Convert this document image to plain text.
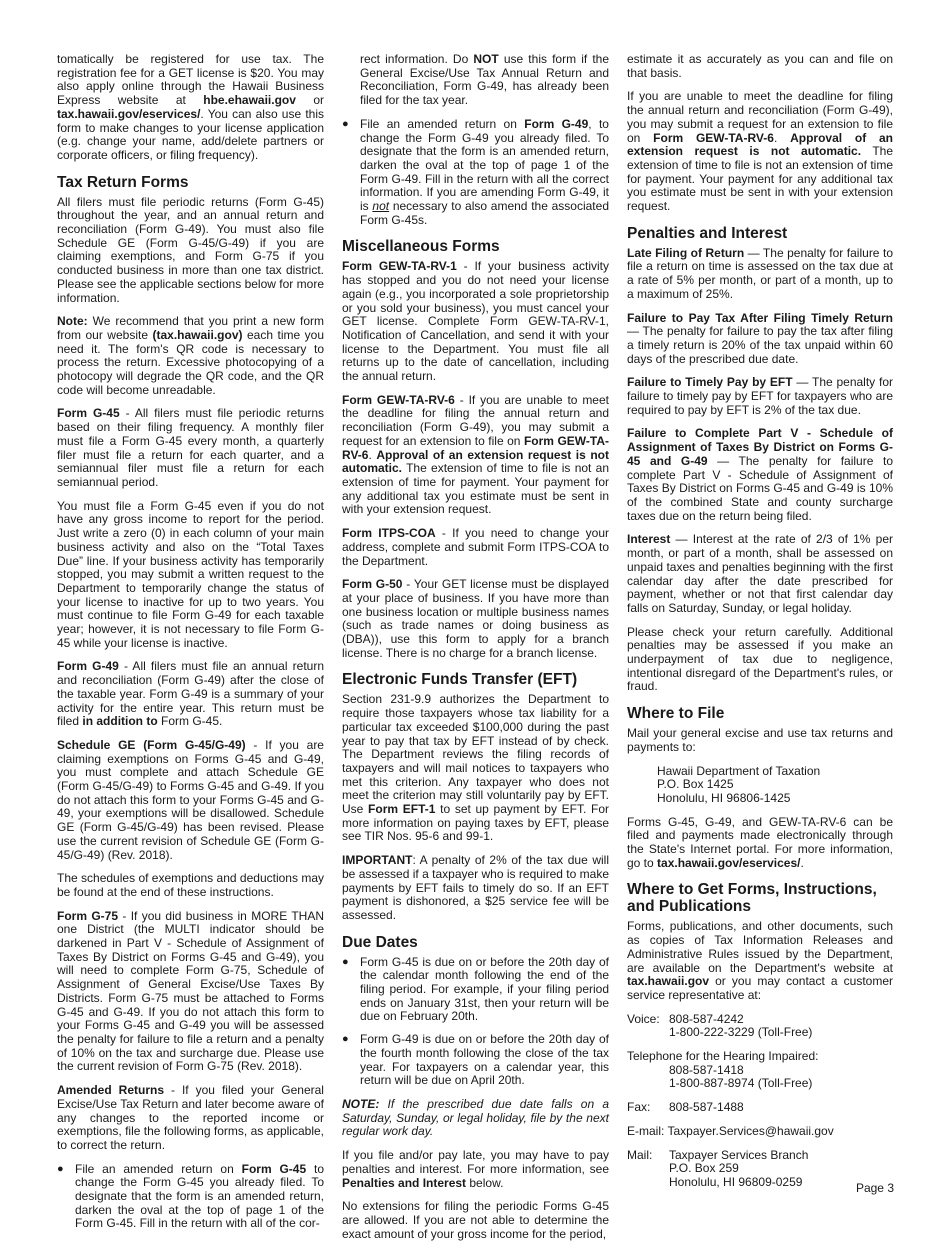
tomatically be registered for use tax. The registration fee for a GET license is $20. You may also apply online through the Hawaii Business Express website at hbe.ehawaii.gov or tax.hawaii.gov/eservices/. You can also use this form to make changes to your license application (e.g. change your name, add/delete partners or corporate officers, or filing frequency).

Tax Return Forms

All filers must file periodic returns (Form G-45) throughout the year, and an annual return and reconciliation (Form G-49). You must also file Schedule GE (Form G-45/G-49) if you are claiming exemptions, and Form G-75 if you conducted business in more than one tax district. Please see the applicable sections below for more information.

Note: We recommend that you print a new form from our website (tax.hawaii.gov) each time you need it. The form's QR code is necessary to process the return. Excessive photocopying of a photocopy will degrade the QR code, and the QR code will become unreadable.

Form G-45 - All filers must file periodic returns based on their filing frequency. A monthly filer must file a Form G-45 every month, a quarterly filer must file a return for each quarter, and a semiannual filer must file a return for each semiannual period.

You must file a Form G-45 even if you do not have any gross income to report for the period. Just write a zero (0) in each column of your main business activity and also on the “Total Taxes Due” line. If your business activity has temporarily stopped, you may submit a written request to the Department to temporarily change the status of your license to inactive for up to two years. You must continue to file Form G-49 for each taxable year; however, it is not necessary to file Form G-45 while your license is inactive.

Form G-49 - All filers must file an annual return and reconciliation (Form G-49) after the close of the taxable year. Form G-49 is a summary of your activity for the entire year. This return must be filed in addition to Form G-45.

Schedule GE (Form G-45/G-49) - If you are claiming exemptions on Forms G-45 and G-49, you must complete and attach Schedule GE (Form G-45/G-49) to Forms G-45 and G-49. If you do not attach this form to your Forms G-45 and G-49, your exemptions will be disallowed. Schedule GE (Form G-45/G-49) has been revised. Please use the current revision of Schedule GE (Form G-45/G-49) (Rev. 2018).

The schedules of exemptions and deductions may be found at the end of these instructions.

Form G-75 - If you did business in MORE THAN one District (the MULTI indicator should be darkened in Part V - Schedule of Assignment of Taxes By District on Forms G-45 and G-49), you will need to complete Form G-75, Schedule of Assignment of General Excise/Use Taxes By Districts. Form G-75 must be attached to Forms G-45 and G-49. If you do not attach this form to your Forms G-45 and G-49 you will be assessed the penalty for failure to file a return and a penalty of 10% on the tax and surcharge due. Please use the current revision of Form G-75 (Rev. 2018).

Amended Returns - If you filed your General Excise/Use Tax Return and later become aware of any changes to the reported income or exemptions, file the following forms, as applicable, to correct the return.

● File an amended return on Form G-45 to change the Form G-45 you already filed. To designate that the form is an amended return, darken the oval at the top of page 1 of the Form G-45. Fill in the return with all of the cor-

rect information. Do NOT use this form if the General Excise/Use Tax Annual Return and Reconciliation, Form G-49, has already been filed for the tax year.

● File an amended return on Form G-49, to change the Form G-49 you already filed. To designate that the form is an amended return, darken the oval at the top of page 1 of the Form G-49. Fill in the return with all the correct information. If you are amending Form G-49, it is not necessary to also amend the associated Form G-45s.
Miscellaneous Forms

Form GEW-TA-RV-1 - If your business activity has stopped and you do not need your license again (e.g., you incorporated a sole proprietorship or you sold your business), you must cancel your GET license. Complete Form GEW-TA-RV-1, Notification of Cancellation, and send it with your license to the Department. You must file all returns up to the date of cancellation, including the annual return.

Form GEW-TA-RV-6 - If you are unable to meet the deadline for filing the annual return and reconciliation (Form G-49), you may submit a request for an extension to file on Form GEW-TA-RV-6. Approval of an extension request is not automatic. The extension of time to file is not an extension of time for payment. Your payment for any additional tax you estimate must be sent in with your extension request.

Form ITPS-COA - If you need to change your address, complete and submit Form ITPS-COA to the Department.

Form G-50 - Your GET license must be displayed at your place of business. If you have more than one business location or multiple business names (such as trade names or doing business as (DBA)), use this form to apply for a branch license. There is no charge for a branch license.

Electronic Funds Transfer (EFT)

Section 231-9.9 authorizes the Department to require those taxpayers whose tax liability for a particular tax exceeded $100,000 during the past year to pay that tax by EFT instead of by check. The Department reviews the filing records of taxpayers and will mail notices to taxpayers who met this criterion. Any taxpayer who does not meet the criterion may still voluntarily pay by EFT. Use Form EFT-1 to set up payment by EFT. For more information on paying taxes by EFT, please see TIR Nos. 95-6 and 99-1.

IMPORTANT: A penalty of 2% of the tax due will be assessed if a taxpayer who is required to make payments by EFT fails to timely do so. If an EFT payment is dishonored, a $25 service fee will be assessed.

Due Dates
● Form G-45 is due on or before the 20th day of the calendar month following the end of the filing period. For example, if your filing period ends on January 31st, then your return will be due on February 20th.
● Form G-49 is due on or before the 20th day of the fourth month following the close of the tax year. For taxpayers on a calendar year, this return will be due on April 20th.

NOTE: If the prescribed due date falls on a Saturday, Sunday, or legal holiday, file by the next regular work day.

If you file and/or pay late, you may have to pay penalties and interest. For more information, see Penalties and Interest below.

No extensions for filing the periodic Forms G-45 are allowed. If you are not able to determine the exact amount of your gross income for the period,

estimate it as accurately as you can and file on that basis.

If you are unable to meet the deadline for filing the annual return and reconciliation (Form G-49), you may submit a request for an extension to file on Form GEW-TA-RV-6. Approval of an extension request is not automatic. The extension of time to file is not an extension of time for payment. Your payment for any additional tax you estimate must be sent in with your extension request.

Penalties and Interest

Late Filing of Return — The penalty for failure to file a return on time is assessed on the tax due at a rate of 5% per month, or part of a month, up to a maximum of 25%.

Failure to Pay Tax After Filing Timely Return — The penalty for failure to pay the tax after filing a timely return is 20% of the tax unpaid within 60 days of the prescribed due date.

Failure to Timely Pay by EFT — The penalty for failure to timely pay by EFT for taxpayers who are required to pay by EFT is 2% of the tax due.

Failure to Complete Part V - Schedule of Assignment of Taxes By District on Forms G-45 and G-49 — The penalty for failure to complete Part V - Schedule of Assignment of Taxes By District on Forms G-45 and G-49 is 10% of the combined State and county surcharge taxes due on the return being filed.

Interest — Interest at the rate of 2/3 of 1% per month, or part of a month, shall be assessed on unpaid taxes and penalties beginning with the first calendar day after the date prescribed for payment, whether or not that first calendar day falls on Saturday, Sunday, or legal holiday.

Please check your return carefully. Additional penalties may be assessed if you make an underpayment of tax due to negligence, intentional disregard of the Department's rules, or fraud.

Where to File

Mail your general excise and use tax returns and payments to:

Hawaii Department of Taxation
P.O. Box 1425
Honolulu, HI 96806-1425

Forms G-45, G-49, and GEW-TA-RV-6 can be filed and payments made electronically through the State's Internet portal. For more information, go to tax.hawaii.gov/eservices/.

Where to Get Forms, Instructions, and Publications

Forms, publications, and other documents, such as copies of Tax Information Releases and Administrative Rules issued by the Department, are available on the Department's website at tax.hawaii.gov or you may contact a customer service representative at:

Voice: 808-587-4242
1-800-222-3229 (Toll-Free)
Telephone for the Hearing Impaired:
808-587-1418
1-800-887-8974 (Toll-Free)
Fax: 808-587-1488
E-mail: Taxpayer.Services@hawaii.gov
Mail: Taxpayer Services Branch
P.O. Box 259
Honolulu, HI 96809-0259	Page 3
